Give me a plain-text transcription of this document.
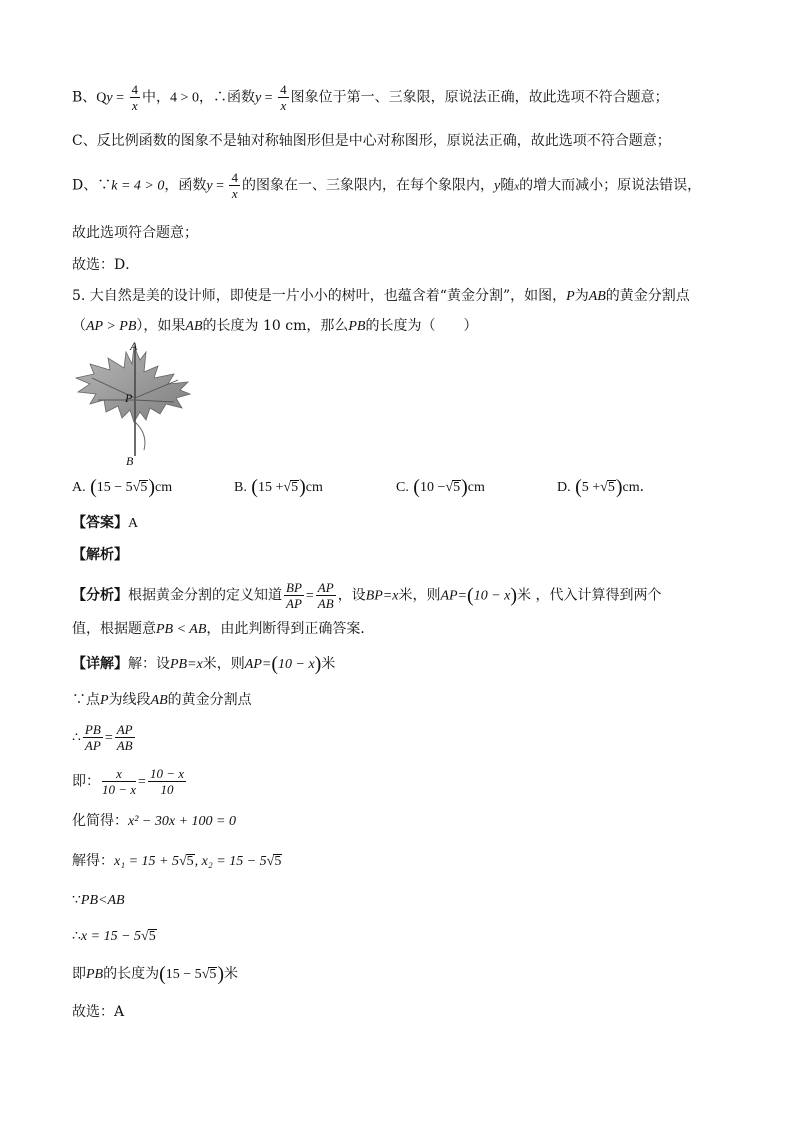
B、$Qy = \frac{4}{x}$ 中，4 > 0，∴函数$y = \frac{4}{x}$ 图象位于第一、三象限，原说法正确，故此选项不符合题意；
C、反比例函数的图象不是轴对称轴图形但是中心对称图形，原说法正确，故此选项不符合题意；
D、∵k = 4 > 0，函数$y = \frac{4}{x}$ 的图象在一、三象限内，在每个象限内，y随x的增大而减小；原说法错误，
故此选项符合题意；
故选：D．
5. 大自然是美的设计师，即使是一片小小的树叶，也蕴含着“黄金分割”，如图，P为AB的黄金分割点
（AP > PB），如果AB的长度为 10 cm，那么PB的长度为（　　）
A
P
B
A. (15 − 5√5)cm	B. (15 +√5)cm	C. (10 −√5)cm	D. (5 +√5)cm．
【答案】A
【解析】
【分析】根据黄金分割的定义知道 $\frac{BP}{AP} = \frac{AP}{AB}$ ，设BP=x米，则AP=(10 − x)米 ，代入计算得到两个
值，根据题意PB < AB，由此判断得到正确答案．
【详解】解：设PB=x米，则AP=(10 − x)米
∵点P为线段AB的黄金分割点
∴ $\frac{PB}{AP} = \frac{AP}{AB}$
即： $\frac{x}{10 - x} = \frac{10 - x}{10}$
化简得：x² − 30x + 100 = 0
解得：x₁ = 15 + 5√5, x₂ = 15 − 5√5
∵PB<AB
∴x = 15 − 5√5
即PB的长度为(15 − 5√5)米
故选：A
